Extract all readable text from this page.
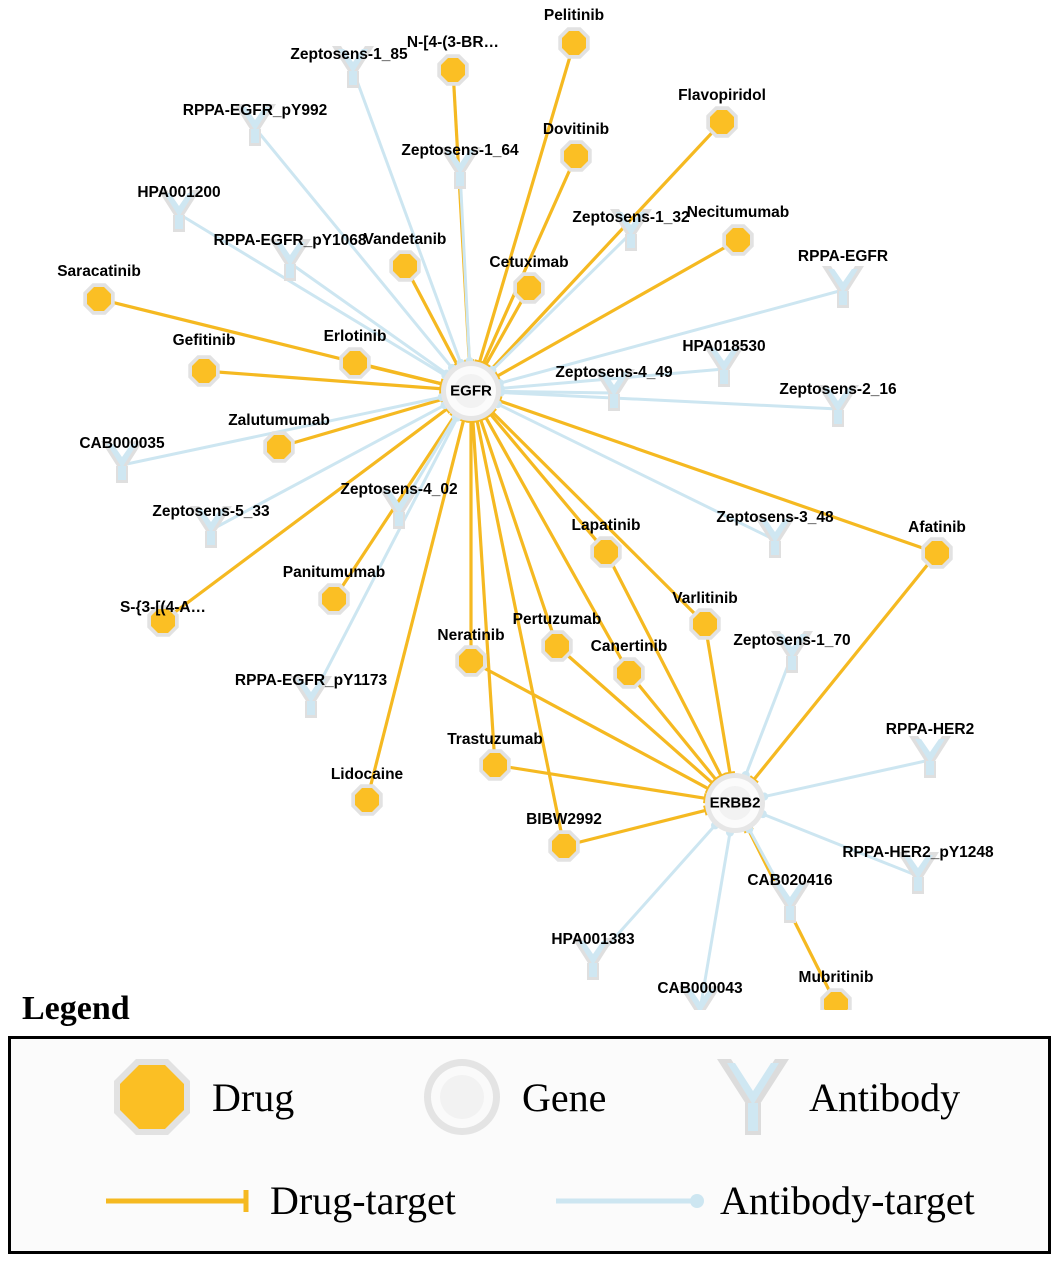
Zeptosens-1_85
RPPA-EGFR_pY992
Zeptosens-1_64
HPA001200
Zeptosens-1_32
RPPA-EGFR_pY1068
RPPA-EGFR
HPA018530
Zeptosens-4_49
Zeptosens-2_16
CAB000035
Zeptosens-4_02
Zeptosens-5_33	Zeptosens-3_48
Zeptosens-1_70
RPPA-EGFR_pY1173
RPPA-HER2
RPPA-HER2_pY1248
CAB020416
HPA001383
CAB000043
Pelitinib
N-[4-(3-BR…
Flavopiridol
Dovitinib
Necitumumab
Vandetanib
Cetuximab
Saracatinib
Erlotinib
Gefitinib
Zalutumumab
Lapatinib	Afatinib
Panitumumab
S-{3-[(4-A…
Varlitinib
Pertuzumab
Neratinib
Canertinib
Trastuzumab
Lidocaine
BIBW2992
Mubritinib
EGFR
ERBB2
Legend
Drug	Gene	Antibody
Drug-target	Antibody-target
